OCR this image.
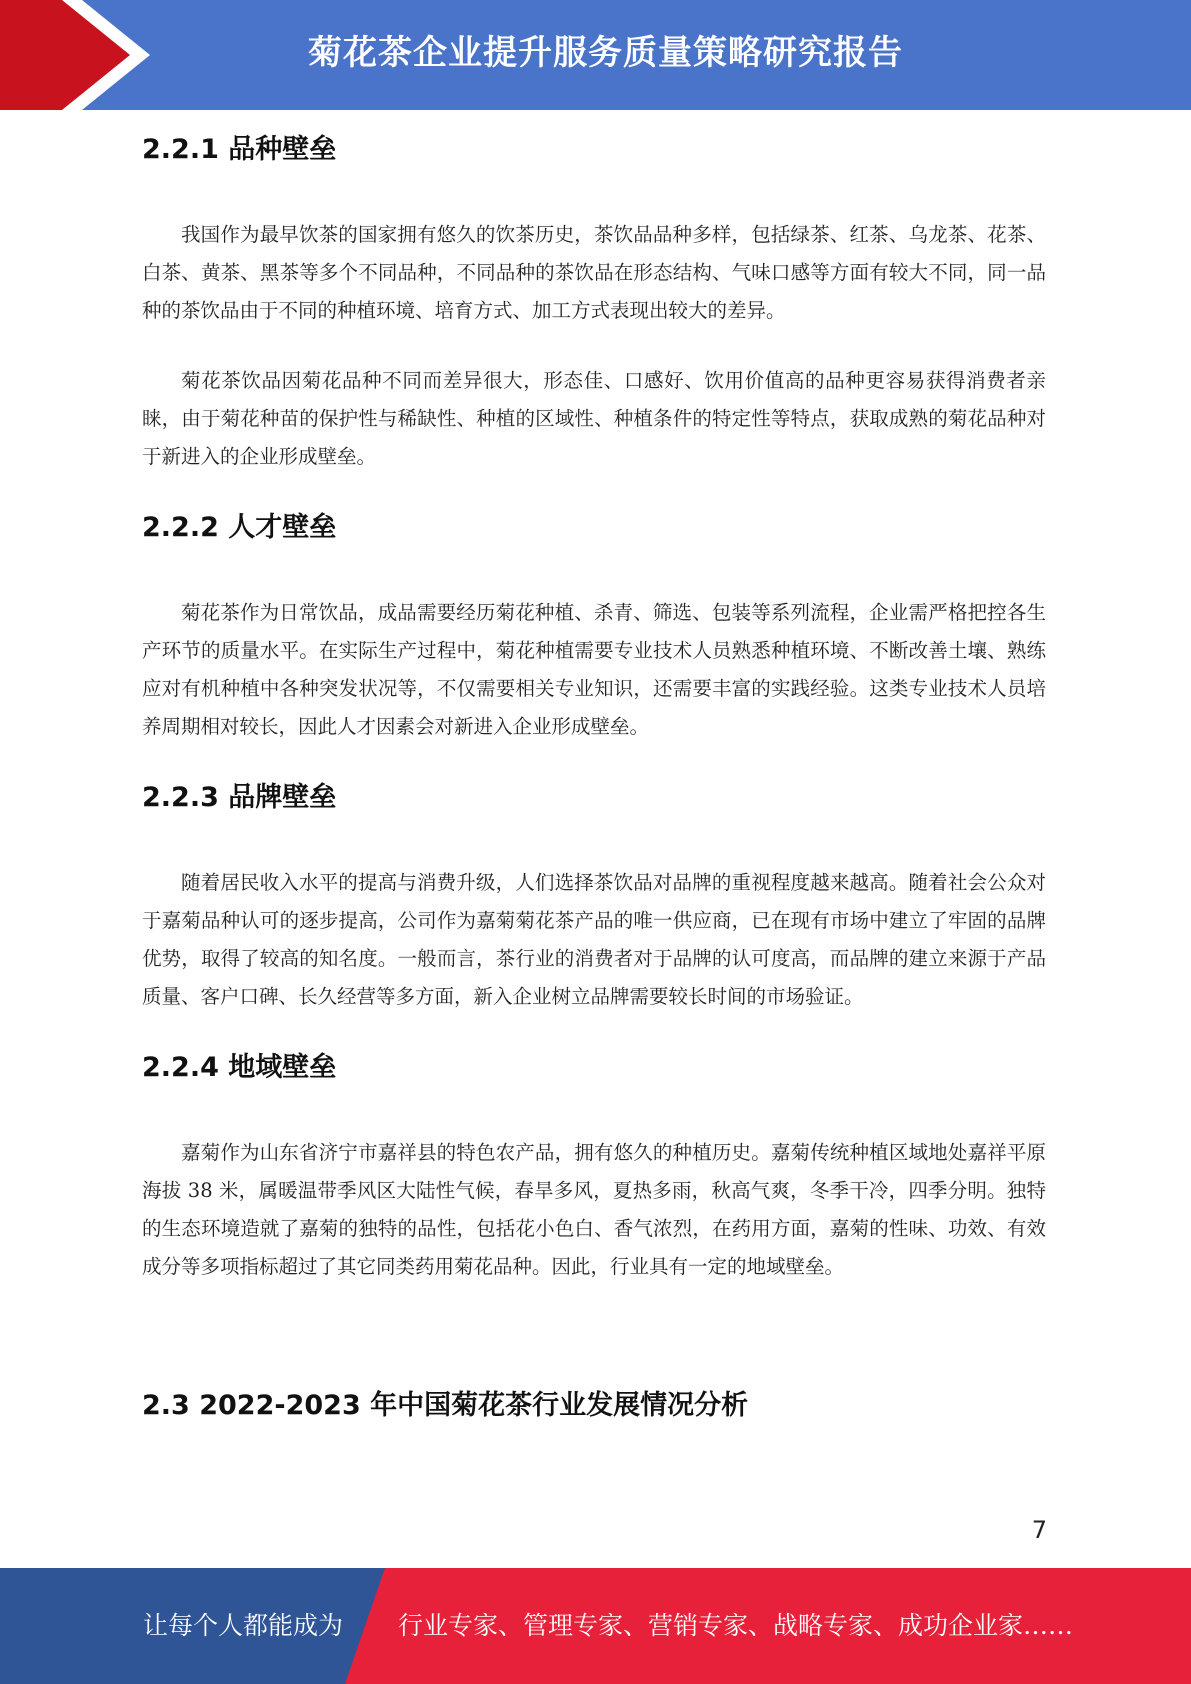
菊花茶企业提升服务质量策略研究报告
2.2.1 品种壁垒

我国作为最早饮茶的国家拥有悠久的饮茶历史，茶饮品品种多样，包括绿茶、红茶、乌龙茶、花茶、白茶、黄茶、黑茶等多个不同品种，不同品种的茶饮品在形态结构、气味口感等方面有较大不同，同一品种的茶饮品由于不同的种植环境、培育方式、加工方式表现出较大的差异。

菊花茶饮品因菊花品种不同而差异很大，形态佳、口感好、饮用价值高的品种更容易获得消费者亲睐，由于菊花种苗的保护性与稀缺性、种植的区域性、种植条件的特定性等特点，获取成熟的菊花品种对于新进入的企业形成壁垒。

2.2.2 人才壁垒

菊花茶作为日常饮品，成品需要经历菊花种植、杀青、筛选、包装等系列流程，企业需严格把控各生产环节的质量水平。在实际生产过程中，菊花种植需要专业技术人员熟悉种植环境、不断改善土壤、熟练应对有机种植中各种突发状况等，不仅需要相关专业知识，还需要丰富的实践经验。这类专业技术人员培养周期相对较长，因此人才因素会对新进入企业形成壁垒。

2.2.3 品牌壁垒

随着居民收入水平的提高与消费升级，人们选择茶饮品对品牌的重视程度越来越高。随着社会公众对于嘉菊品种认可的逐步提高，公司作为嘉菊菊花茶产品的唯一供应商，已在现有市场中建立了牢固的品牌优势，取得了较高的知名度。一般而言，茶行业的消费者对于品牌的认可度高，而品牌的建立来源于产品质量、客户口碑、长久经营等多方面，新入企业树立品牌需要较长时间的市场验证。

2.2.4 地域壁垒

嘉菊作为山东省济宁市嘉祥县的特色农产品，拥有悠久的种植历史。嘉菊传统种植区域地处嘉祥平原海拔 38 米，属暖温带季风区大陆性气候，春旱多风，夏热多雨，秋高气爽，冬季干冷，四季分明。独特的生态环境造就了嘉菊的独特的品性，包括花小色白、香气浓烈，在药用方面，嘉菊的性味、功效、有效成分等多项指标超过了其它同类药用菊花品种。因此，行业具有一定的地域壁垒。

2.3 2022-2023 年中国菊花茶行业发展情况分析
7
让每个人都能成为 行业专家、管理专家、营销专家、战略专家、成功企业家……
